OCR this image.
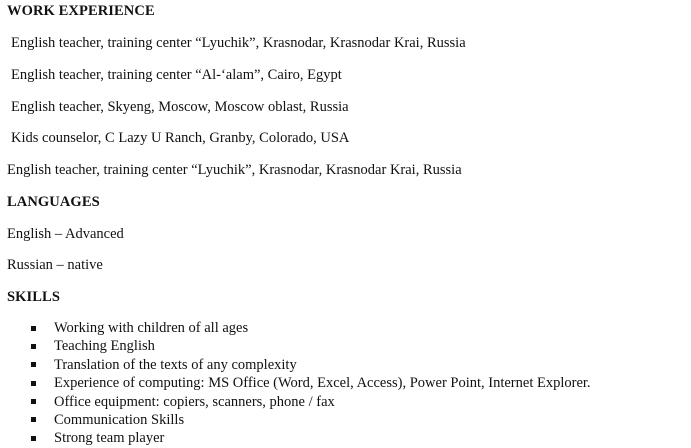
WORK EXPERIENCE
English teacher, training center “Lyuchik”, Krasnodar, Krasnodar Krai, Russia
English teacher, training center “Al-‘alam”, Cairo, Egypt
English teacher, Skyeng, Moscow, Moscow oblast, Russia
Kids counselor, C Lazy U Ranch, Granby, Colorado, USA
English teacher, training center “Lyuchik”, Krasnodar, Krasnodar Krai, Russia
LANGUAGES
English – Advanced
Russian – native
SKILLS
Working with children of all ages
Teaching English
Translation of the texts of any complexity
Experience of computing: MS Office (Word, Excel, Access), Power Point, Internet Explorer.
Office equipment: copiers, scanners, phone / fax
Communication Skills
Strong team player
